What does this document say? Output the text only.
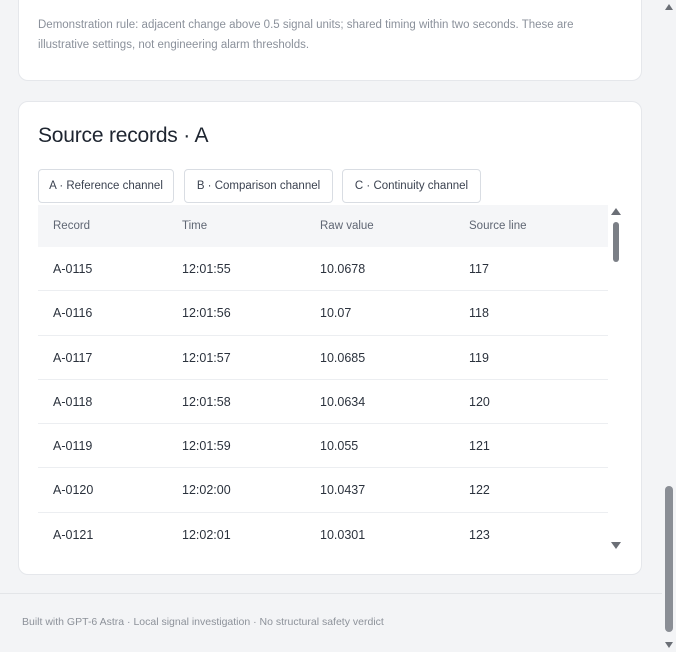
Demonstration rule: adjacent change above 0.5 signal units; shared timing within two seconds. These are illustrative settings, not engineering alarm thresholds.
Source records · A
A · Reference channel	B · Comparison channel	C · Continuity channel
Record	Time	Raw value	Source line
A-0115	12:01:55	10.0678	117
A-0116	12:01:56	10.07	118
A-0117	12:01:57	10.0685	119
A-0118	12:01:58	10.0634	120
A-0119	12:01:59	10.055	121
A-0120	12:02:00	10.0437	122
A-0121	12:02:01	10.0301	123
Built with GPT-6 Astra · Local signal investigation · No structural safety verdict
